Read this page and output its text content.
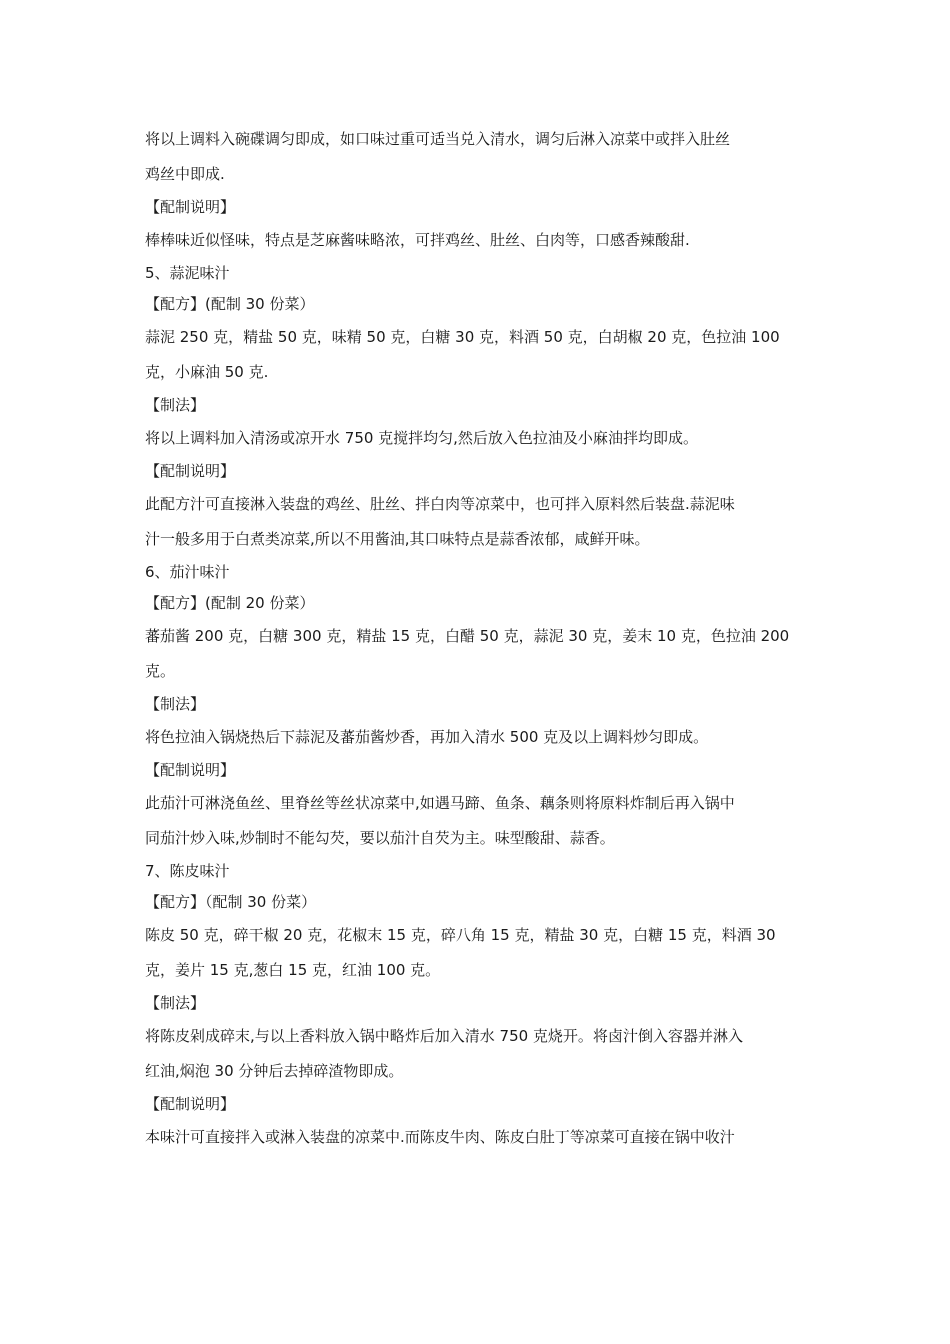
将以上调料入碗碟调匀即成，如口味过重可适当兑入清水，调匀后淋入凉菜中或拌入肚丝
鸡丝中即成.
【配制说明】
棒棒味近似怪味，特点是芝麻酱味略浓，可拌鸡丝、肚丝、白肉等，口感香辣酸甜.
5、蒜泥味汁
【配方】(配制 30 份菜）
蒜泥 250 克，精盐 50 克，味精 50 克，白糖 30 克，料酒 50 克，白胡椒 20 克，色拉油 100
克，小麻油 50 克.
【制法】
将以上调料加入清汤或凉开水 750 克搅拌均匀,然后放入色拉油及小麻油拌均即成。
【配制说明】
此配方汁可直接淋入装盘的鸡丝、肚丝、拌白肉等凉菜中，也可拌入原料然后装盘.蒜泥味
汁一般多用于白煮类凉菜,所以不用酱油,其口味特点是蒜香浓郁，咸鲜开味。
6、茄汁味汁
【配方】(配制 20 份菜）
蕃茄酱 200 克，白糖 300 克，精盐 15 克，白醋 50 克，蒜泥 30 克，姜末 10 克，色拉油 200
克。
【制法】
将色拉油入锅烧热后下蒜泥及蕃茄酱炒香，再加入清水 500 克及以上调料炒匀即成。
【配制说明】
此茄汁可淋浇鱼丝、里脊丝等丝状凉菜中,如遇马蹄、鱼条、藕条则将原料炸制后再入锅中
同茄汁炒入味,炒制时不能勾芡，要以茄汁自芡为主。味型酸甜、蒜香。
7、陈皮味汁
【配方】（配制 30 份菜）
陈皮 50 克，碎干椒 20 克，花椒末 15 克，碎八角 15 克，精盐 30 克，白糖 15 克，料酒 30
克，姜片 15 克,葱白 15 克，红油 100 克。
【制法】
将陈皮剁成碎末,与以上香料放入锅中略炸后加入清水 750 克烧开。将卤汁倒入容器并淋入
红油,焖泡 30 分钟后去掉碎渣物即成。
【配制说明】
本味汁可直接拌入或淋入装盘的凉菜中.而陈皮牛肉、陈皮白肚丁等凉菜可直接在锅中收汁
